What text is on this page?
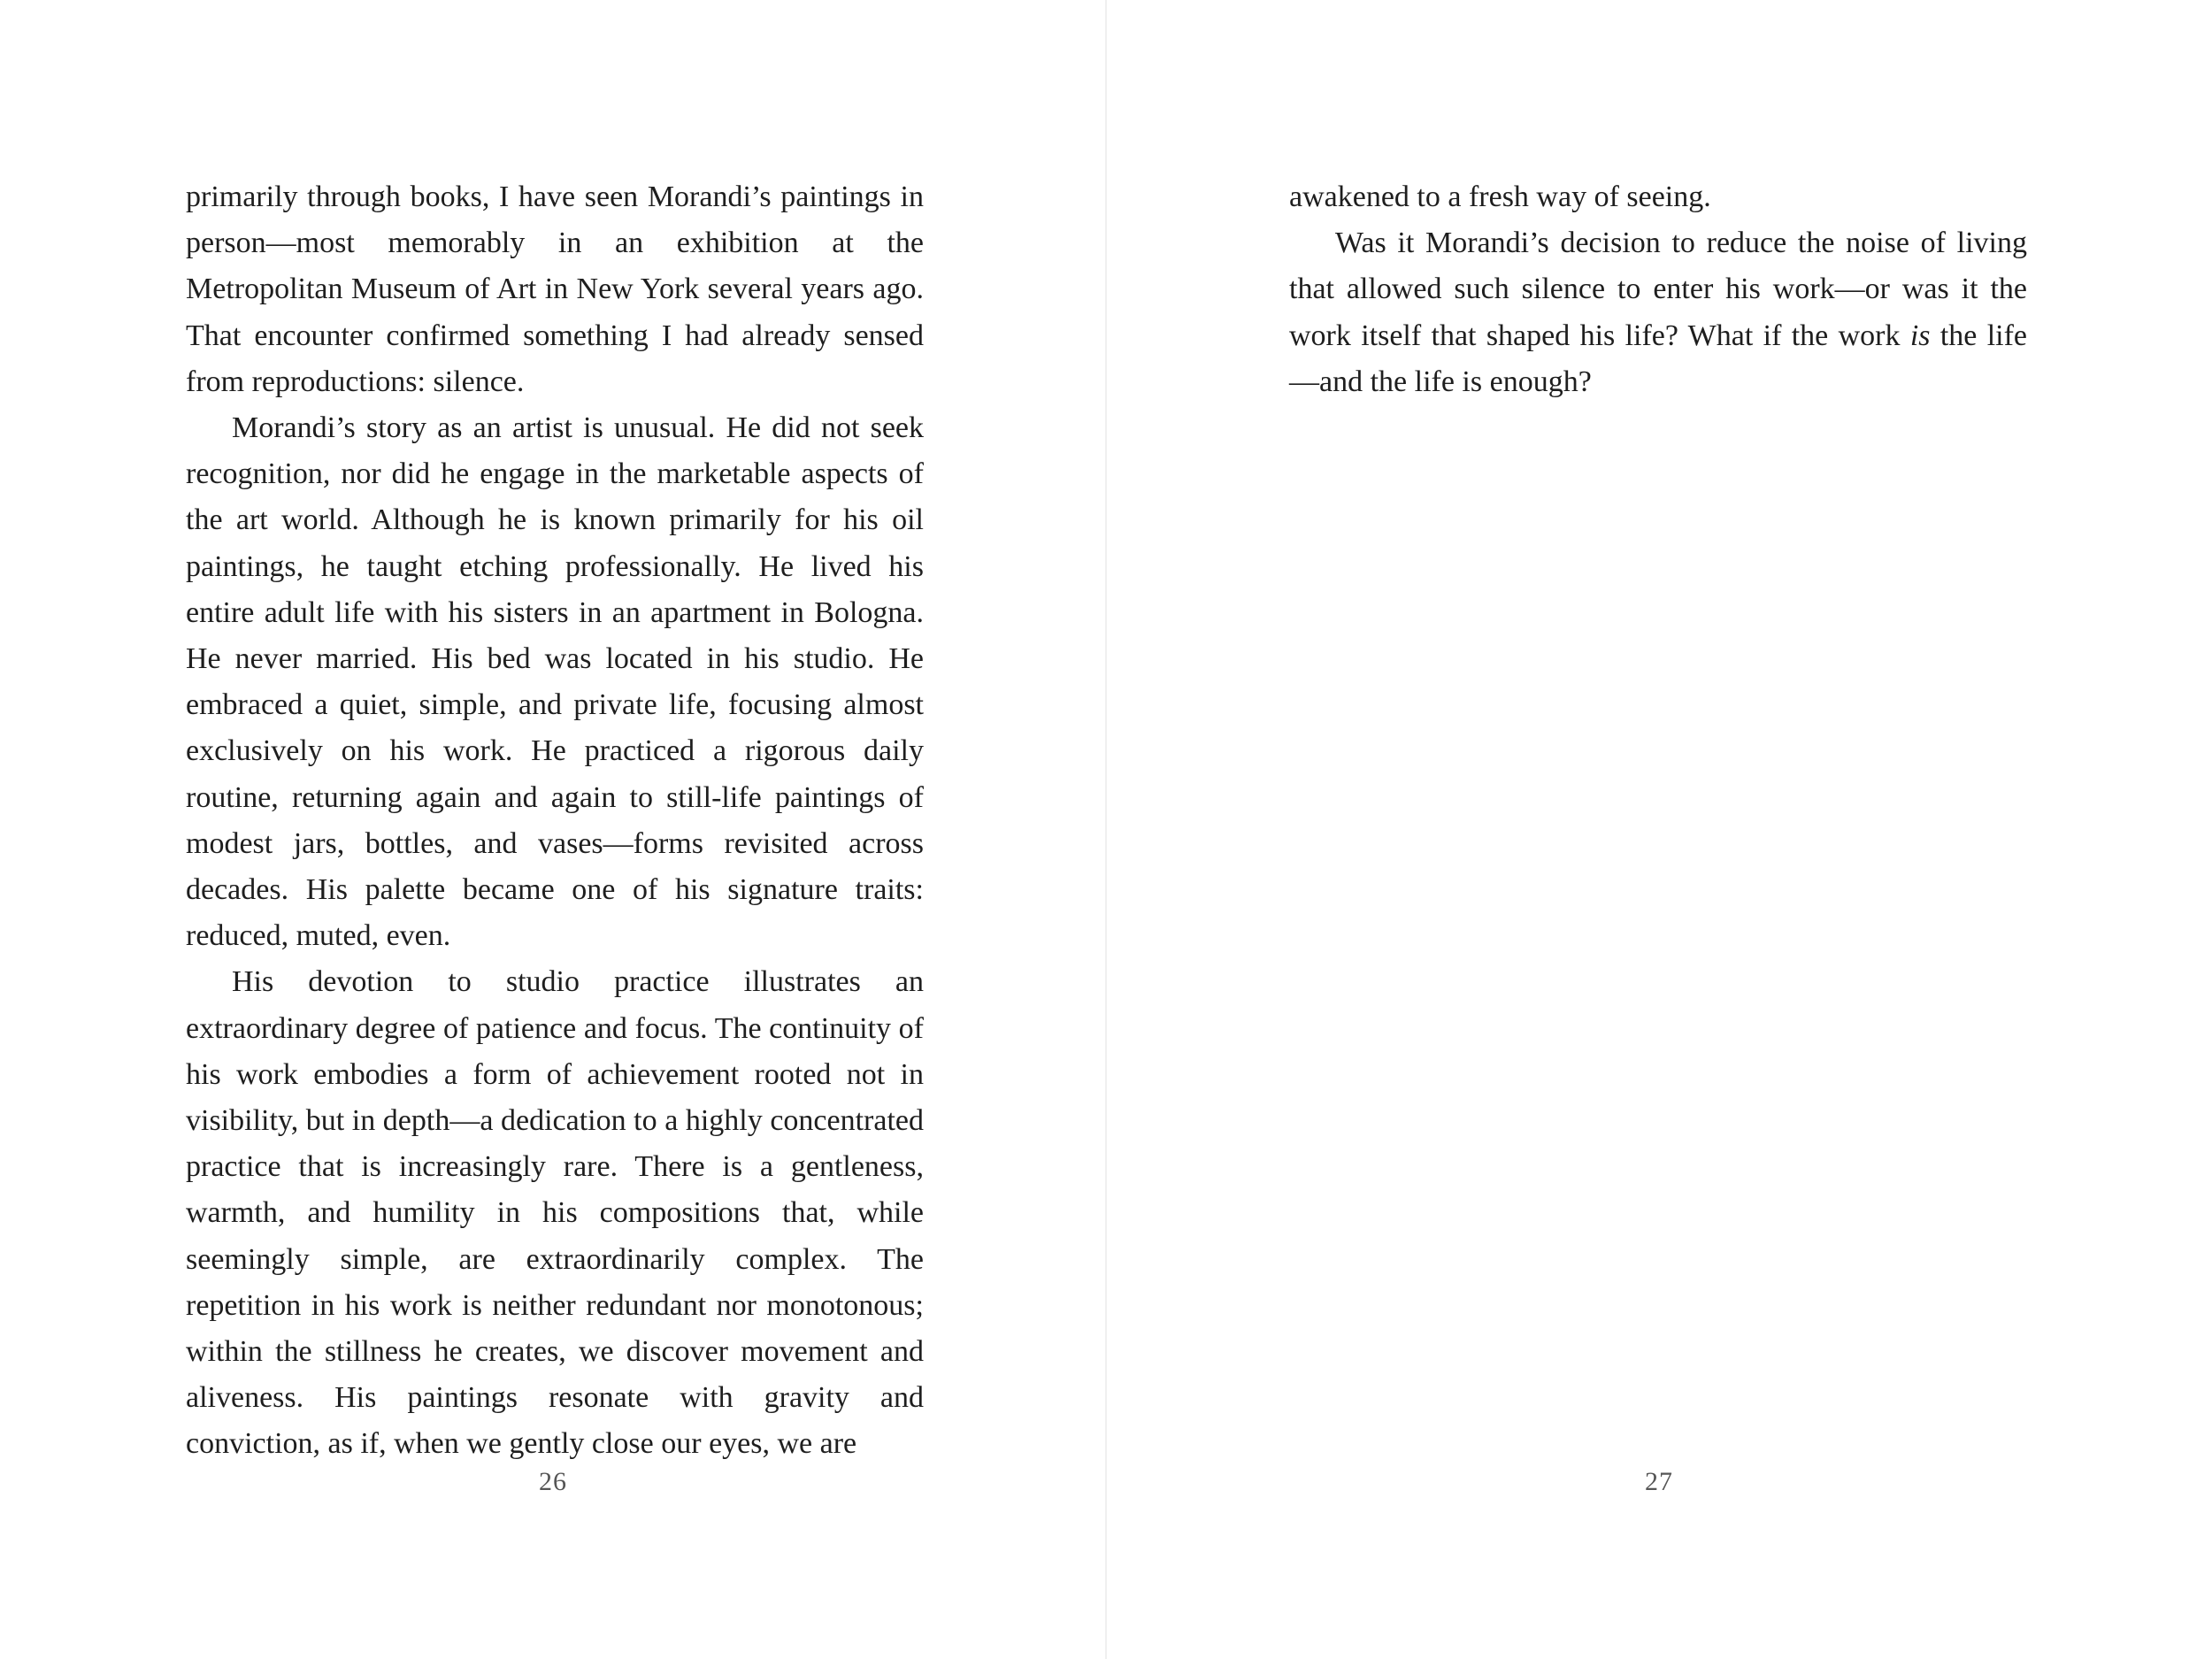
primarily through books, I have seen Morandi’s paintings in person—most memorably in an exhibition at the Metropolitan Museum of Art in New York several years ago. That encounter confirmed something I had already sensed from reproductions: silence.

Morandi’s story as an artist is unusual. He did not seek recognition, nor did he engage in the marketable aspects of the art world. Although he is known primarily for his oil paintings, he taught etching professionally. He lived his entire adult life with his sisters in an apartment in Bologna. He never married. His bed was located in his studio. He embraced a quiet, simple, and private life, focusing almost exclusively on his work. He practiced a rigorous daily routine, returning again and again to still-life paintings of modest jars, bottles, and vases—forms revisited across decades. His palette became one of his signature traits: reduced, muted, even.

His devotion to studio practice illustrates an extraordinary degree of patience and focus. The continuity of his work embodies a form of achievement rooted not in visibility, but in depth—a dedication to a highly concentrated practice that is increasingly rare. There is a gentleness, warmth, and humility in his compositions that, while seemingly simple, are extraordinarily complex. The repetition in his work is neither redundant nor monotonous; within the stillness he creates, we discover movement and aliveness. His paintings resonate with gravity and conviction, as if, when we gently close our eyes, we are

26

awakened to a fresh way of seeing.

Was it Morandi’s decision to reduce the noise of living that allowed such silence to enter his work—or was it the work itself that shaped his life? What if the work is the life—and the life is enough?

27
